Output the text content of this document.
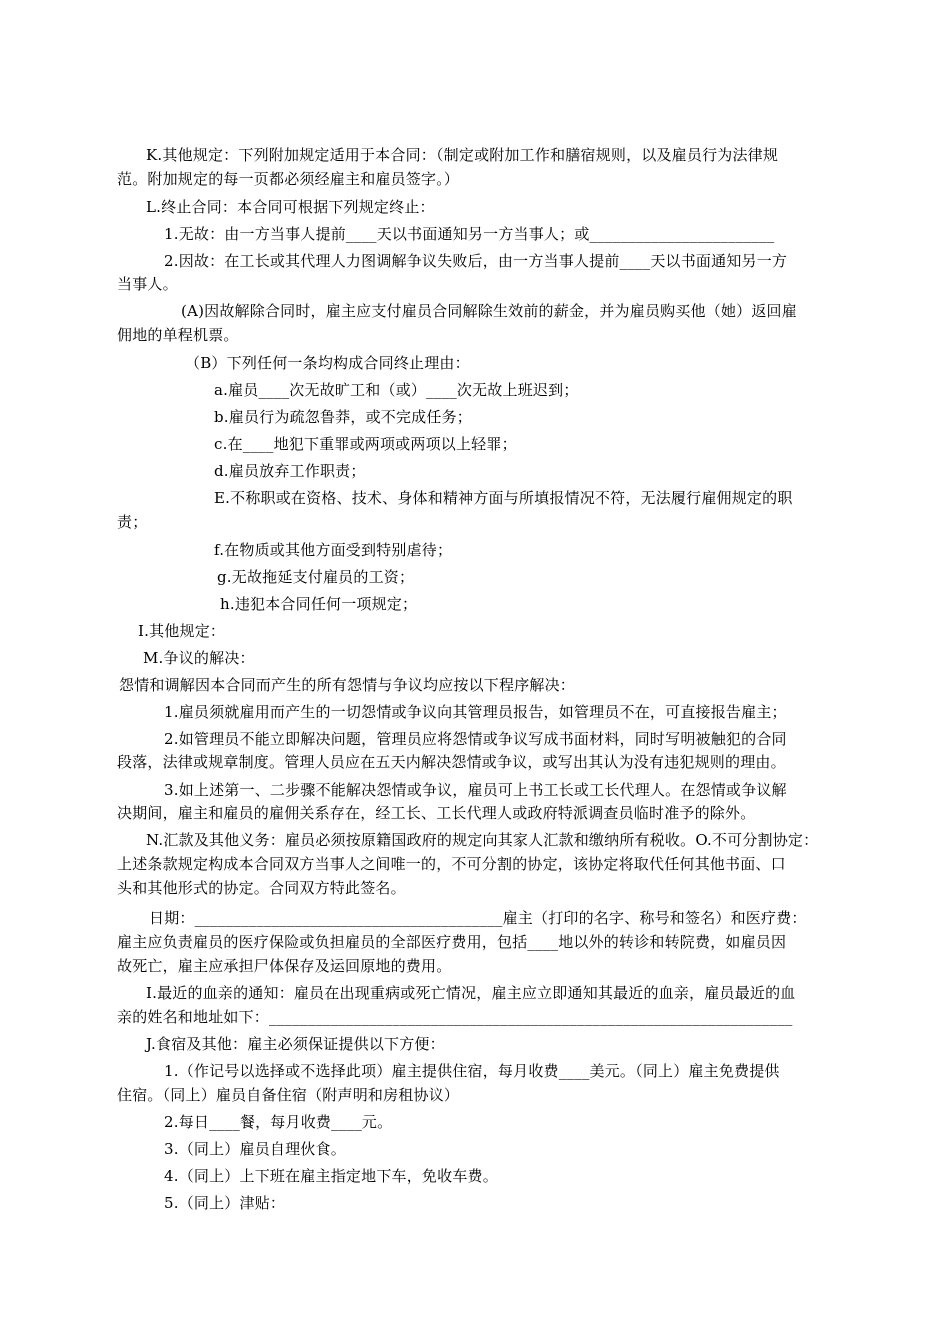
K.其他规定：下列附加规定适用于本合同：（制定或附加工作和膳宿规则，以及雇员行为法律规
范。附加规定的每一页都必须经雇主和雇员签字。）
L.终止合同：本合同可根据下列规定终止：
1.无故：由一方当事人提前____天以书面通知另一方当事人；或________________________
2.因故：在工长或其代理人力图调解争议失败后，由一方当事人提前____天以书面通知另一方
当事人。
(A)因故解除合同时，雇主应支付雇员合同解除生效前的薪金，并为雇员购买他（她）返回雇
佣地的单程机票。
（B）下列任何一条均构成合同终止理由：
a.雇员____次无故旷工和（或）____次无故上班迟到；
b.雇员行为疏忽鲁莽，或不完成任务；
c.在____地犯下重罪或两项或两项以上轻罪；
d.雇员放弃工作职责；
E.不称职或在资格、技术、身体和精神方面与所填报情况不符，无法履行雇佣规定的职
责；
f.在物质或其他方面受到特别虐待；
g.无故拖延支付雇员的工资；
h.违犯本合同任何一项规定；
I.其他规定：
M.争议的解决：
怨情和调解因本合同而产生的所有怨情与争议均应按以下程序解决：
1.雇员须就雇用而产生的一切怨情或争议向其管理员报告，如管理员不在，可直接报告雇主；
2.如管理员不能立即解决问题，管理员应将怨情或争议写成书面材料，同时写明被触犯的合同
段落，法律或规章制度。管理人员应在五天内解决怨情或争议，或写出其认为没有违犯规则的理由。
3.如上述第一、二步骤不能解决怨情或争议，雇员可上书工长或工长代理人。在怨情或争议解
决期间，雇主和雇员的雇佣关系存在，经工长、工长代理人或政府特派调查员临时准予的除外。
N.汇款及其他义务：雇员必须按原籍国政府的规定向其家人汇款和缴纳所有税收。O.不可分割协定：
上述条款规定构成本合同双方当事人之间唯一的，不可分割的协定，该协定将取代任何其他书面、口
头和其他形式的协定。合同双方特此签名。
日期：________________________________________雇主（打印的名字、称号和签名）和医疗费：
雇主应负责雇员的医疗保险或负担雇员的全部医疗费用，包括____地以外的转诊和转院费，如雇员因
故死亡，雇主应承担尸体保存及运回原地的费用。
I.最近的血亲的通知：雇员在出现重病或死亡情况，雇主应立即通知其最近的血亲，雇员最近的血
亲的姓名和地址如下：____________________________________________________________________
J.食宿及其他：雇主必须保证提供以下方便：
1.（作记号以选择或不选择此项）雇主提供住宿，每月收费____美元。（同上）雇主免费提供
住宿。（同上）雇员自备住宿（附声明和房租协议）
2.每日____餐，每月收费____元。
3.（同上）雇员自理伙食。
4.（同上）上下班在雇主指定地下车，免收车费。
5.（同上）津贴：
